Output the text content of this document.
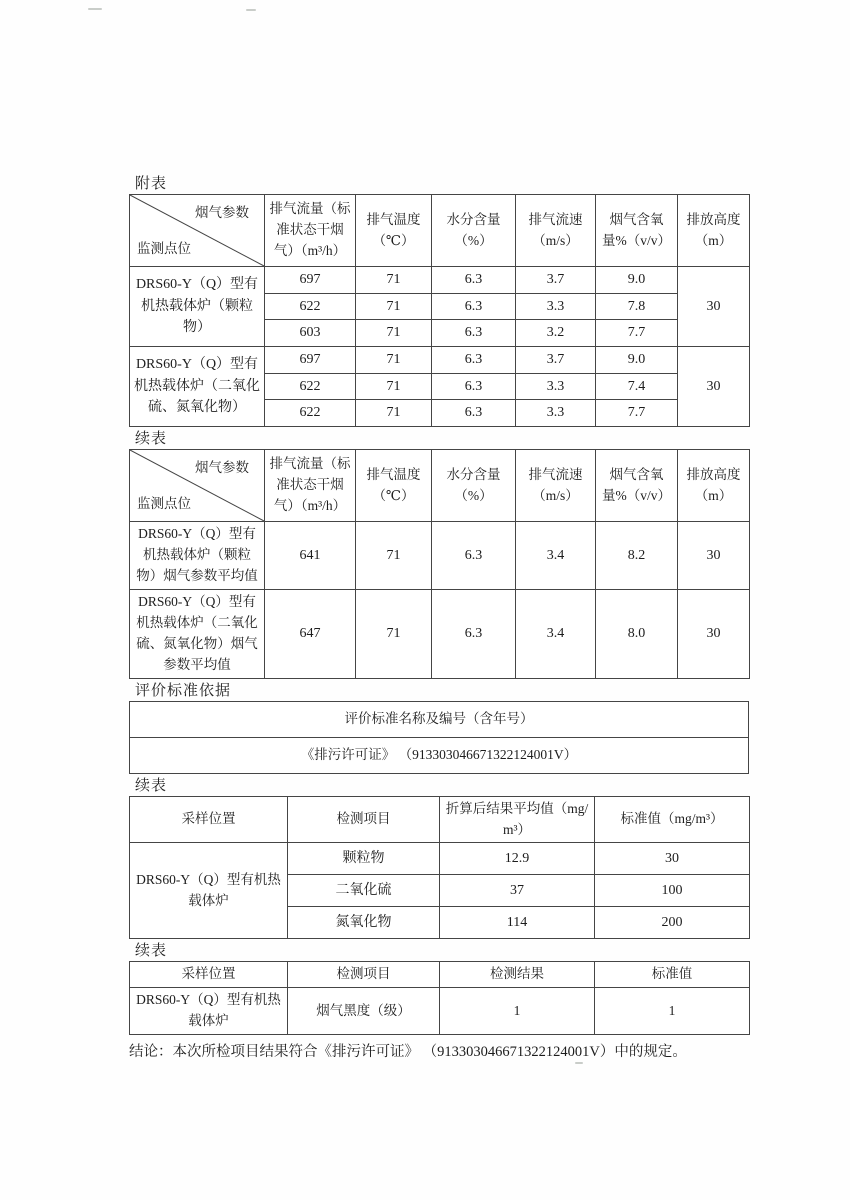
附表
烟气参数
监测点位	排气流量（标准状态干烟气）（m³/h）	排气温度（℃）	水分含量（%）	排气流速（m/s）	烟气含氧量%（v/v）	排放高度（m）
DRS60-Y（Q）型有机热载体炉（颗粒物）	697	71	6.3	3.7	9.0	30
	622	71	6.3	3.3	7.8	
	603	71	6.3	3.2	7.7	
DRS60-Y（Q）型有机热载体炉（二氧化硫、氮氧化物）	697	71	6.3	3.7	9.0	30
	622	71	6.3	3.3	7.4	
	622	71	6.3	3.3	7.7	
续表
烟气参数
监测点位	排气流量（标准状态干烟气）（m³/h）	排气温度（℃）	水分含量（%）	排气流速（m/s）	烟气含氧量%（v/v）	排放高度（m）
DRS60-Y（Q）型有机热载体炉（颗粒物）烟气参数平均值	641	71	6.3	3.4	8.2	30
DRS60-Y（Q）型有机热载体炉（二氧化硫、氮氧化物）烟气参数平均值	647	71	6.3	3.4	8.0	30
评价标准依据
评价标准名称及编号（含年号）
《排污许可证》 （913303046671322124001V）
续表
采样位置	检测项目	折算后结果平均值（mg/m³）	标准值（mg/m³）
DRS60-Y（Q）型有机热载体炉	颗粒物	12.9	30
	二氧化硫	37	100
	氮氧化物	114	200
续表
采样位置	检测项目	检测结果	标准值
DRS60-Y（Q）型有机热载体炉	烟气黑度（级）	1	1
结论：本次所检项目结果符合《排污许可证》 （913303046671322124001V）中的规定。
